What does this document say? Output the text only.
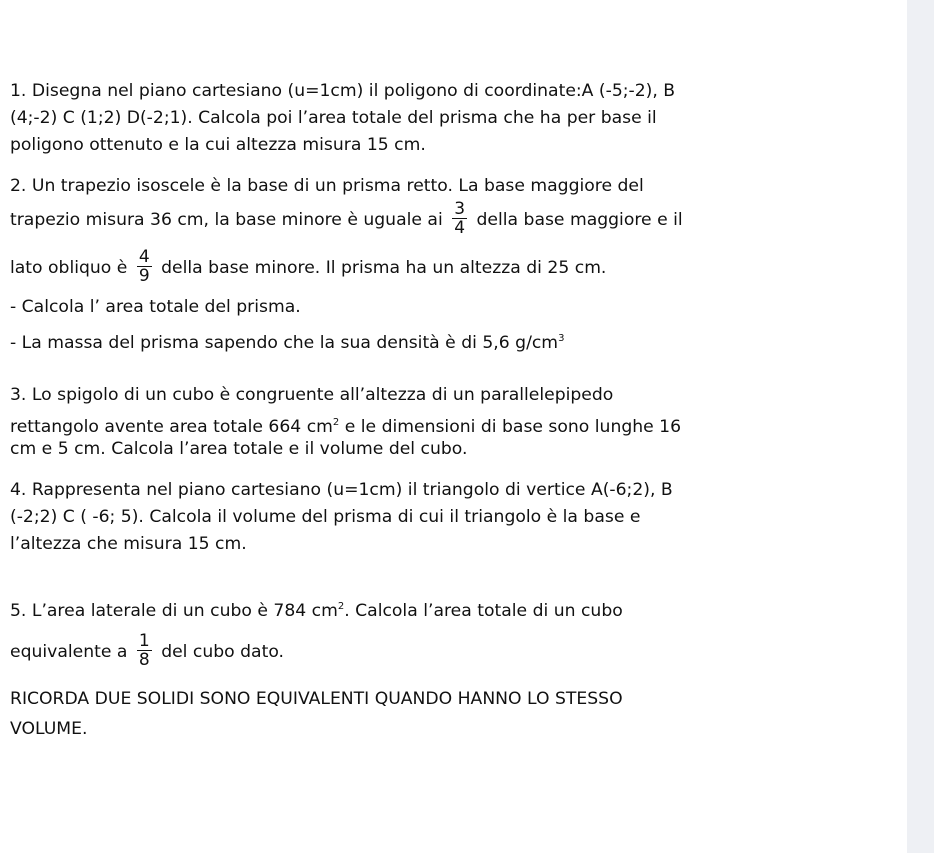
1. Disegna nel piano cartesiano (u=1cm) il poligono di coordinate:A (-5;-2), B
(4;-2) C (1;2) D(-2;1). Calcola poi l’area totale del prisma che ha per base il
poligono ottenuto e la cui altezza misura 15 cm.
2. Un trapezio isoscele è la base di un prisma retto. La base maggiore del
trapezio misura 36 cm, la base minore è uguale ai $\frac{3}{4}$ della base maggiore e il
lato obliquo è $\frac{4}{9}$ della base minore. Il prisma ha un altezza di 25 cm.
- Calcola l’ area totale del prisma.
- La massa del prisma sapendo che la sua densità è di 5,6 $g/cm^3$
3. Lo spigolo di un cubo è congruente all’altezza di un parallelepipedo
rettangolo avente area totale 664 $cm^2$ e le dimensioni di base sono lunghe 16
cm e 5 cm. Calcola l’area totale e il volume del cubo.
4. Rappresenta nel piano cartesiano (u=1cm) il triangolo di vertice A(-6;2), B
(-2;2) C ( -6; 5). Calcola il volume del prisma di cui il triangolo è la base e
l’altezza che misura 15 cm.
5. L’area laterale di un cubo è 784 $cm^2$. Calcola l’area totale di un cubo
equivalente a $\frac{1}{8}$ del cubo dato.
RICORDA DUE SOLIDI SONO EQUIVALENTI QUANDO HANNO LO STESSO
VOLUME.
